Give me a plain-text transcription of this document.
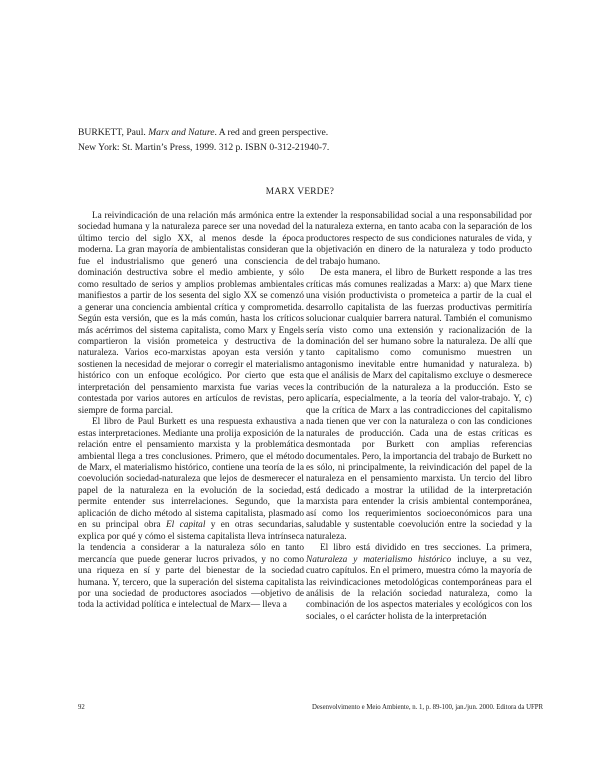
BURKETT, Paul. Marx and Nature. A red and green perspective.
New York: St. Martin’s Press, 1999. 312 p. ISBN 0-312-21940-7.
MARX VERDE?

La reivindicación de una relación más armónica entre la sociedad humana y la naturaleza parece ser una novedad del último tercio del siglo XX, al menos desde la época moderna. La gran mayoría de ambientalistas consideran que fue el industrialismo que generó una consciencia de dominación destructiva sobre el medio ambiente, y sólo como resultado de serios y amplios problemas ambientales manifiestos a partir de los sesenta del siglo XX se comenzó a generar una conciencia ambiental crítica y comprometida. Según esta versión, que es la más común, hasta los críticos más acérrimos del sistema capitalista, como Marx y Engels compartieron la visión prometeica y destructiva de la naturaleza. Varios eco-marxistas apoyan esta versión y sostienen la necesidad de mejorar o corregir el materialismo histórico con un enfoque ecológico. Por cierto que esta interpretación del pensamiento marxista fue varias veces contestada por varios autores en artículos de revistas, pero siempre de forma parcial.

El libro de Paul Burkett es una respuesta exhaustiva a estas interpretaciones. Mediante una prolija exposición de la relación entre el pensamiento marxista y la problemática ambiental llega a tres conclusiones. Primero, que el método de Marx, el materialismo histórico, contiene una teoría de la coevolución sociedad-naturaleza que lejos de desmerecer el papel de la naturaleza en la evolución de la sociedad, permite entender sus interrelaciones. Segundo, que la aplicación de dicho método al sistema capitalista, plasmado en su principal obra El capital y en otras secundarias, explica por qué y cómo el sistema capitalista lleva intrínseca la tendencia a considerar a la naturaleza sólo en tanto mercancía que puede generar lucros privados, y no como una riqueza en sí y parte del bienestar de la sociedad humana. Y, tercero, que la superación del sistema capitalista por una sociedad de productores asociados —objetivo de toda la actividad política e intelectual de Marx— lleva a

extender la responsabilidad social a una responsabilidad por la naturaleza externa, en tanto acaba con la separación de los productores respecto de sus condiciones naturales de vida, y la objetivación en dinero de la naturaleza y todo producto del trabajo humano.

De esta manera, el libro de Burkett responde a las tres críticas más comunes realizadas a Marx: a) que Marx tiene una visión productivista o prometeica a partir de la cual el desarrollo capitalista de las fuerzas productivas permitiría solucionar cualquier barrera natural. También el comunismo sería visto como una extensión y racionalización de la dominación del ser humano sobre la naturaleza. De allí que tanto capitalismo como comunismo muestren un antagonismo inevitable entre humanidad y naturaleza. b) que el análisis de Marx del capitalismo excluye o desmerece la contribución de la naturaleza a la producción. Esto se aplicaría, especialmente, a la teoría del valor-trabajo. Y, c) que la crítica de Marx a las contradicciones del capitalismo nada tienen que ver con la naturaleza o con las condiciones naturales de producción. Cada una de estas críticas es desmontada por Burkett con amplias referencias documentales. Pero, la importancia del trabajo de Burkett no es sólo, ni principalmente, la reivindicación del papel de la naturaleza en el pensamiento marxista. Un tercio del libro está dedicado a mostrar la utilidad de la interpretación marxista para entender la crisis ambiental contemporánea, así como los requerimientos socioeconómicos para una saludable y sustentable coevolución entre la sociedad y la naturaleza.

El libro está dividido en tres secciones. La primera, Naturaleza y materialismo histórico incluye, a su vez, cuatro capítulos. En el primero, muestra cómo la mayoría de las reivindicaciones metodológicas contemporáneas para el análisis de la relación sociedad naturaleza, como la combinación de los aspectos materiales y ecológicos con los sociales, o el carácter holista de la interpretación

92	Desenvolvimento e Meio Ambiente, n. 1, p. 89-100, jan./jun. 2000. Editora da UFPR
